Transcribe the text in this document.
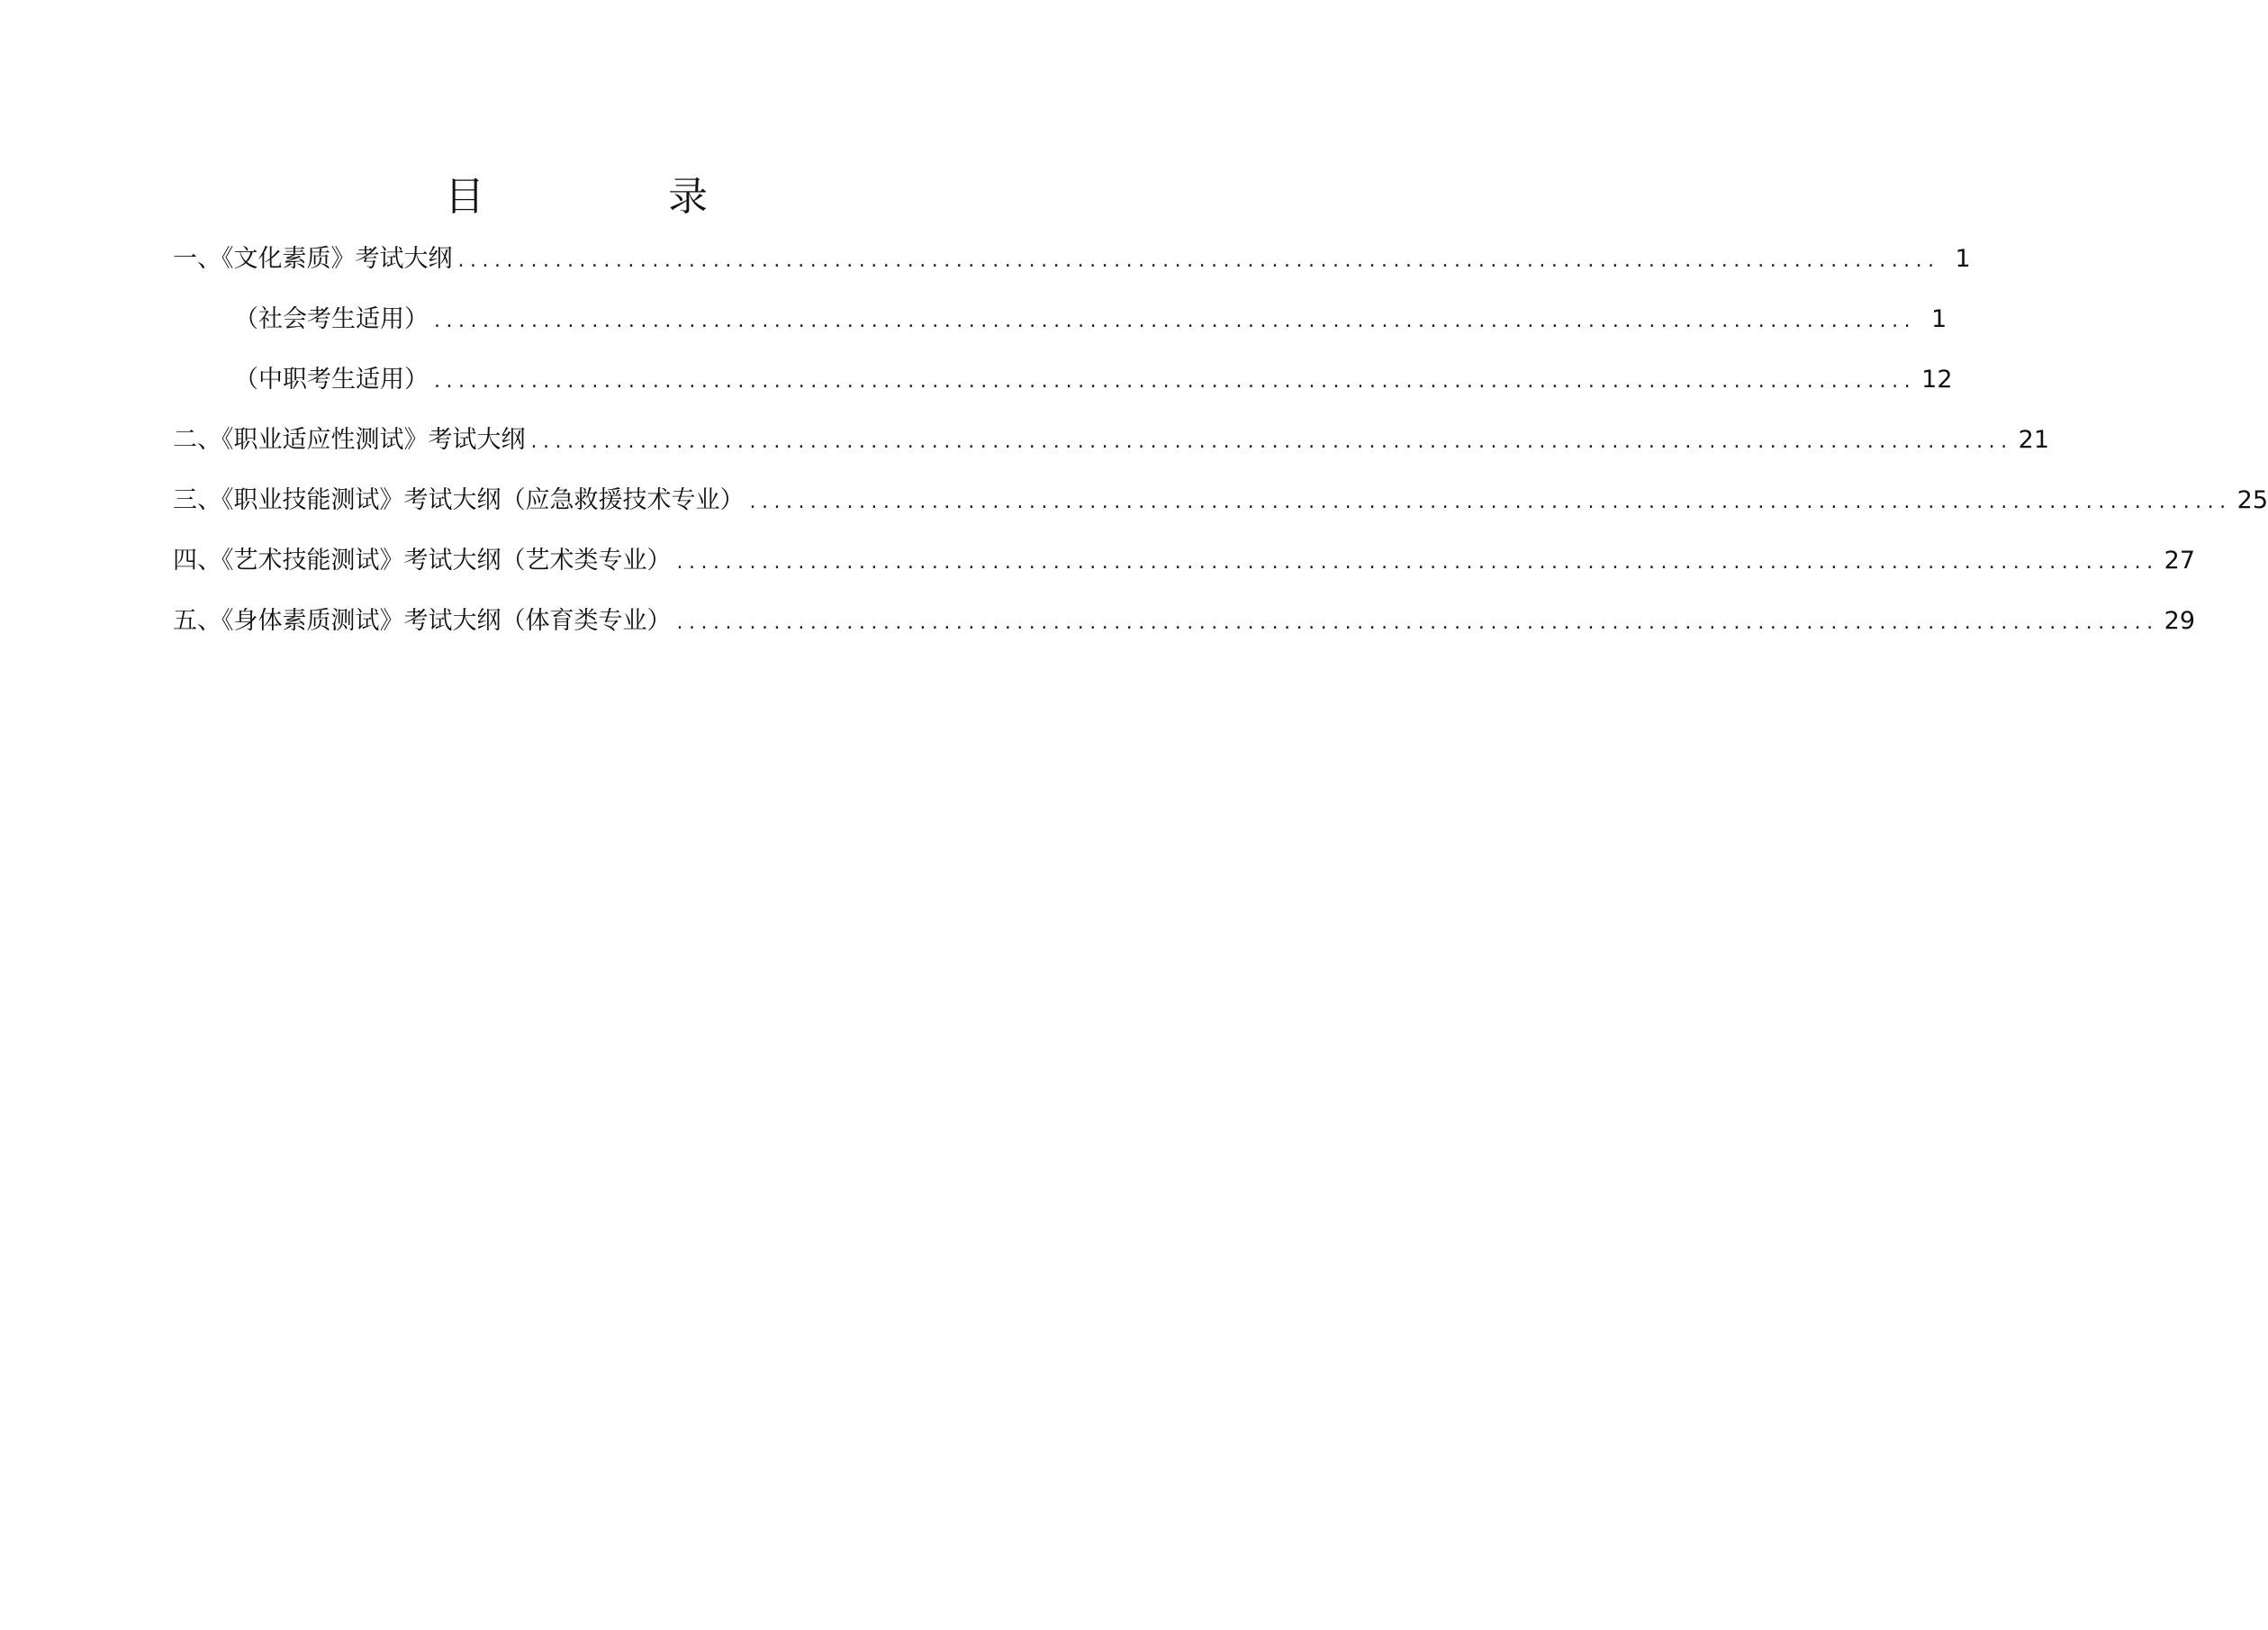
目　录
一、《文化素质》考试大纲 .......................................................................................................................... 1
（社会考生适用） .......................................................................................................................... 1
（中职考生适用） .......................................................................................................................... 12
二、《职业适应性测试》考试大纲 .......................................................................................................................... 21
三、《职业技能测试》考试大纲（应急救援技术专业） .......................................................................................................................... 25
四、《艺术技能测试》考试大纲（艺术类专业） .......................................................................................................................... 27
五、《身体素质测试》考试大纲（体育类专业） .......................................................................................................................... 29
